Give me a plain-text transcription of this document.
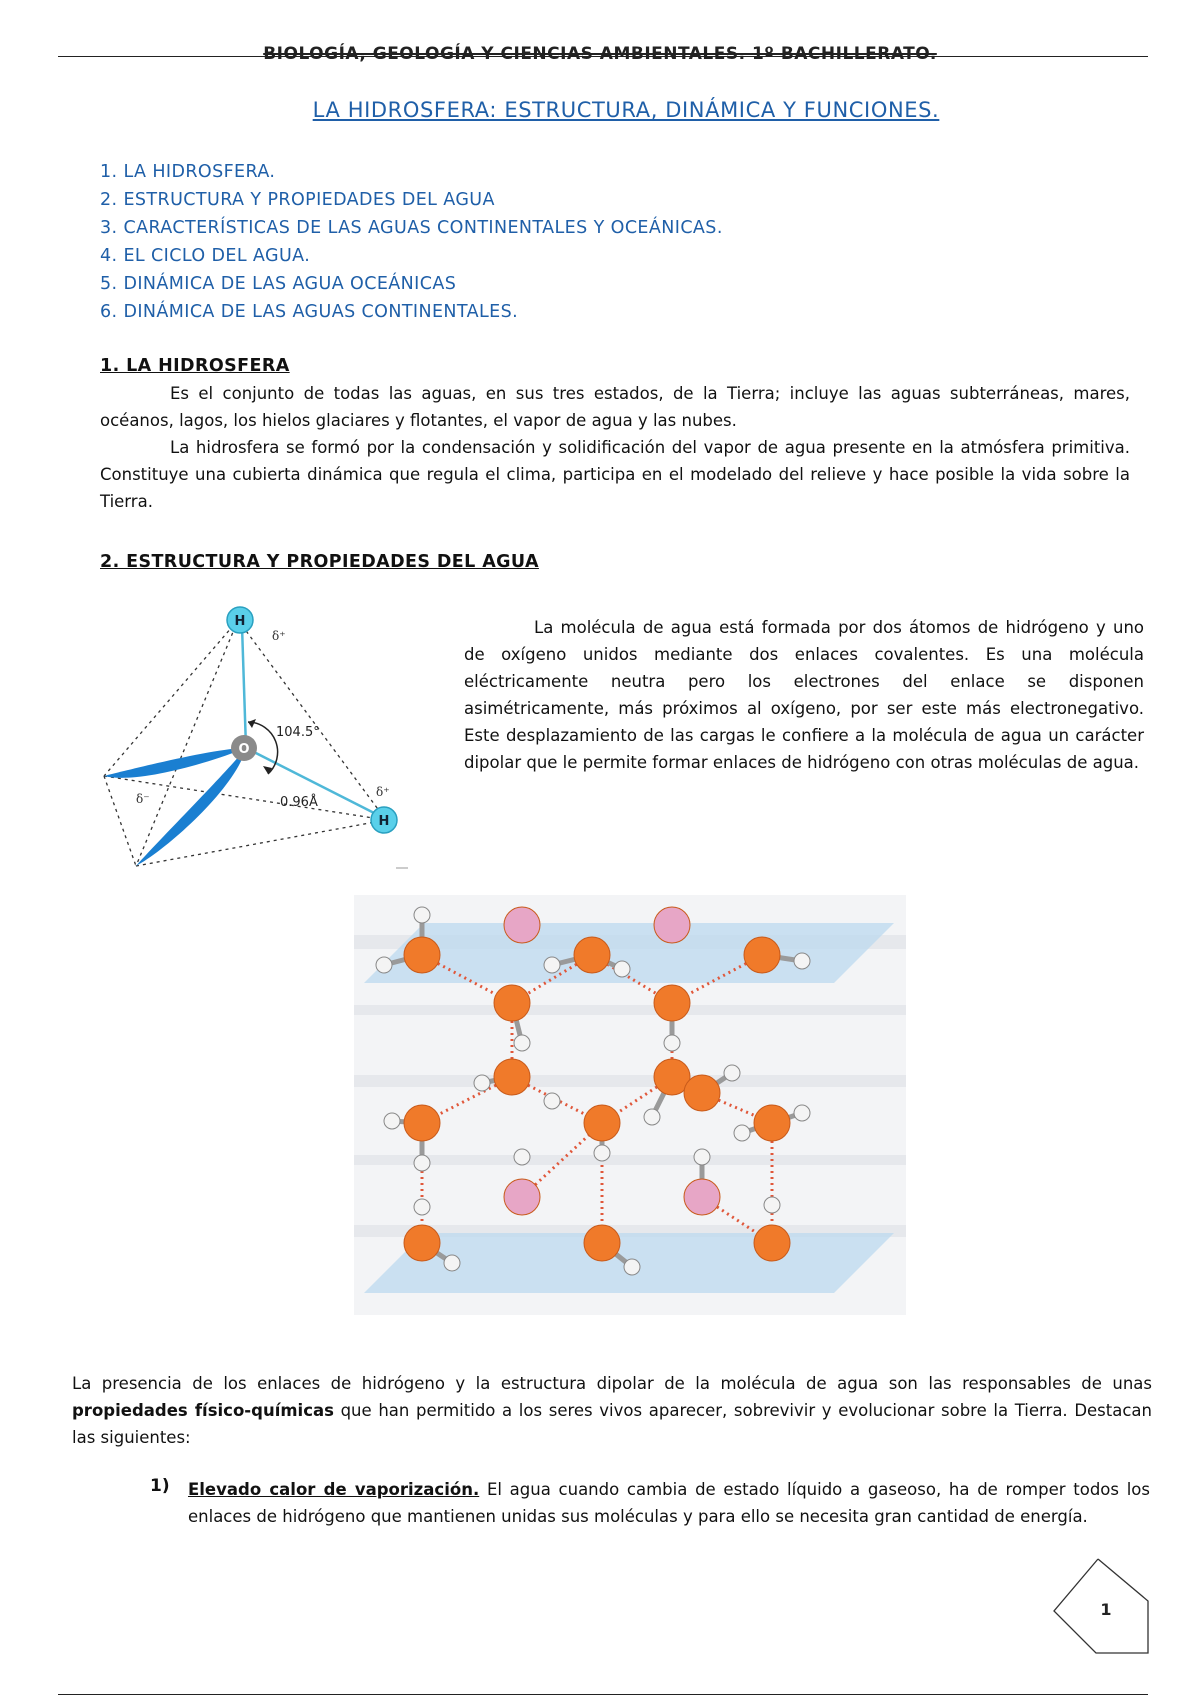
BIOLOGÍA, GEOLOGÍA Y CIENCIAS AMBIENTALES. 1º BACHILLERATO.
LA HIDROSFERA: ESTRUCTURA, DINÁMICA Y FUNCIONES.
1. LA HIDROSFERA.
2. ESTRUCTURA Y PROPIEDADES DEL AGUA
3. CARACTERÍSTICAS DE LAS AGUAS CONTINENTALES Y OCEÁNICAS.
4. EL CICLO DEL AGUA.
5. DINÁMICA DE LAS AGUA OCEÁNICAS
6. DINÁMICA DE LAS AGUAS CONTINENTALES.
1. LA HIDROSFERA

Es el conjunto de todas las aguas, en sus tres estados, de la Tierra; incluye las aguas subterráneas, mares, océanos, lagos, los hielos glaciares y flotantes, el vapor de agua y las nubes.

La hidrosfera se formó por la condensación y solidificación del vapor de agua presente en la atmósfera primitiva. Constituye una cubierta dinámica que regula el clima, participa en el modelado del relieve y hace posible la vida sobre la Tierra.

2. ESTRUCTURA Y PROPIEDADES DEL AGUA
O
H
H
104.5°
0.96Å
δ⁺
δ⁺
δ⁻

La molécula de agua está formada por dos átomos de hidrógeno y uno de oxígeno unidos mediante dos enlaces covalentes. Es una molécula eléctricamente neutra pero los electrones del enlace se disponen asimétricamente, más próximos al oxígeno, por ser este más electronegativo. Este desplazamiento de las cargas le confiere a la molécula de agua un carácter dipolar que le permite formar enlaces de hidrógeno con otras moléculas de agua.

La presencia de los enlaces de hidrógeno y la estructura dipolar de la molécula de agua son las responsables de unas propiedades físico-químicas que han permitido a los seres vivos aparecer, sobrevivir y evolucionar sobre la Tierra. Destacan las siguientes:

1) Elevado calor de vaporización. El agua cuando cambia de estado líquido a gaseoso, ha de romper todos los enlaces de hidrógeno que mantienen unidas sus moléculas y para ello se necesita gran cantidad de energía.
1
